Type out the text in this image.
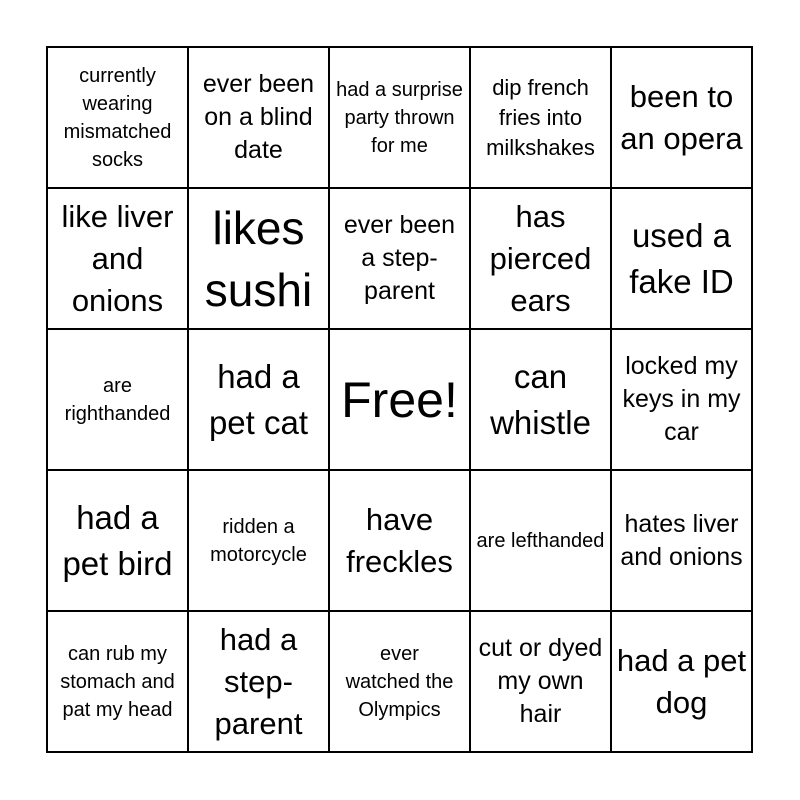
currently wearing mismatched socks
ever been on a blind date
had a surprise party thrown for me
dip french fries into milkshakes
been to an opera
like liver and onions
likes sushi
ever been a step-parent
has pierced ears
used a fake ID
are righthanded
had a pet cat Free!	can whistle
locked my keys in my car
had a pet bird
ridden a motorcycle
have freckles
are lefthanded
hates liver and onions
can rub my stomach and pat my head
had a step-parent
ever watched the Olympics
cut or dyed my own hair
had a pet dog
